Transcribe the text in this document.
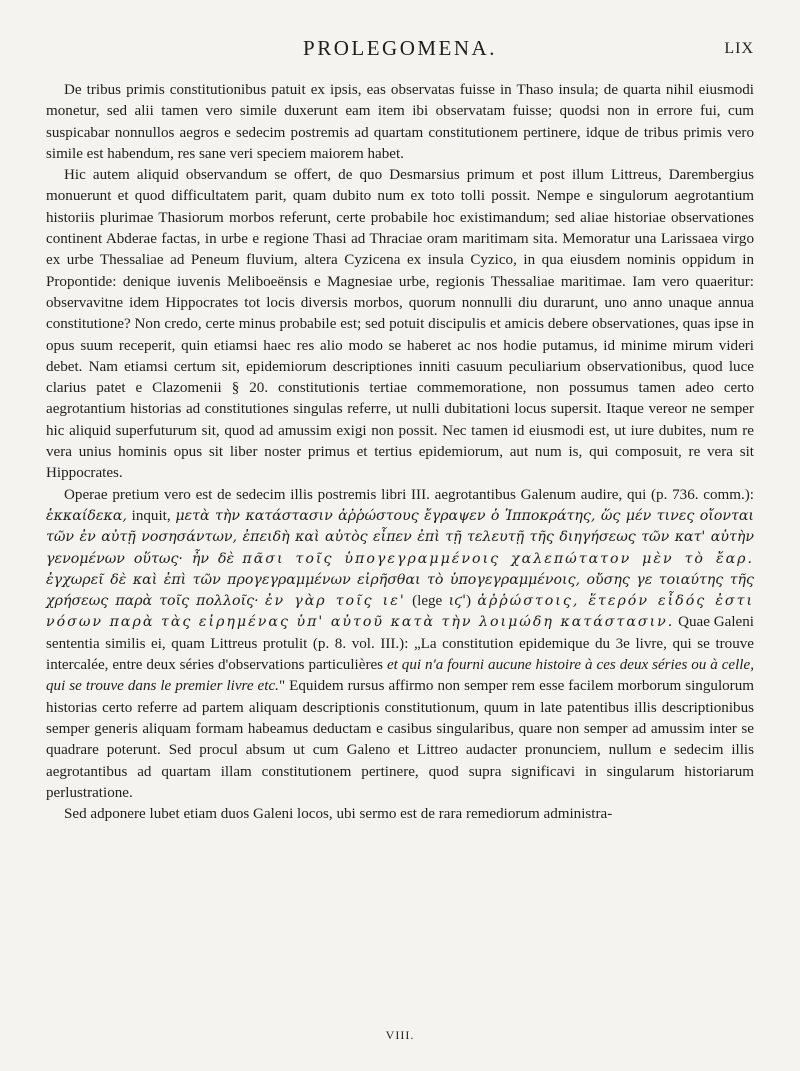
PROLEGOMENA.	LIX

De tribus primis constitutionibus patuit ex ipsis, eas observatas fuisse in Thaso insula; de quarta nihil eiusmodi monetur, sed alii tamen vero simile duxerunt eam item ibi observatam fuisse; quodsi non in errore fui, cum suspicabar nonnullos aegros e sedecim postremis ad quartam constitutionem pertinere, idque de tribus primis vero simile est habendum, res sane veri speciem maiorem habet.

Hic autem aliquid observandum se offert, de quo Desmarsius primum et post illum Littreus, Darembergius monuerunt et quod difficultatem parit, quam dubito num ex toto tolli possit. Nempe e singulorum aegrotantium historiis plurimae Thasiorum morbos referunt, certe probabile hoc existimandum; sed aliae historiae observationes continent Abderae factas, in urbe e regione Thasi ad Thraciae oram maritimam sita. Memoratur una Larissaea virgo ex urbe Thessaliae ad Peneum fluvium, altera Cyzicena ex insula Cyzico, in qua eiusdem nominis oppidum in Propontide: denique iuvenis Meliboeënsis e Magnesiae urbe, regionis Thessaliae maritimae. Iam vero quaeritur: observavitne idem Hippocrates tot locis diversis morbos, quorum nonnulli diu durarunt, uno anno unaque annua constitutione? Non credo, certe minus probabile est; sed potuit discipulis et amicis debere observationes, quas ipse in opus suum receperit, quin etiamsi haec res alio modo se haberet ac nos hodie putamus, id minime mirum videri debet. Nam etiamsi certum sit, epidemiorum descriptiones inniti casuum peculiarium observationibus, quod luce clarius patet e Clazomenii § 20. constitutionis tertiae commemoratione, non possumus tamen adeo certo aegrotantium historias ad constitutiones singulas referre, ut nulli dubitationi locus supersit. Itaque vereor ne semper hic aliquid superfuturum sit, quod ad amussim exigi non possit. Nec tamen id eiusmodi est, ut iure dubites, num re vera unius hominis opus sit liber noster primus et tertius epidemiorum, aut num is, qui composuit, re vera sit Hippocrates.

Operae pretium vero est de sedecim illis postremis libri III. aegrotantibus Galenum audire, qui (p. 736. comm.): ἑκκαίδεκα, inquit, μετὰ τὴν κατάστασιν ἀῤῥώστους ἔγραψεν ὁ Ἱπποκράτης, ὥς μέν τινες οἴονται τῶν ἐν αὐτῇ νοσησάντων, ἐπειδὴ καὶ αὐτὸς εἶπεν ἐπὶ τῇ τελευτῇ τῆς διηγήσεως τῶν κατ' αὐτὴν γενομένων οὕτως· ἦν δὲ πᾶσι τοῖς ὑπογεγραμμένοις χαλεπώτατον μὲν τὸ ἔαρ. ἐγχωρεῖ δὲ καὶ ἐπὶ τῶν προγεγραμμένων εἰρῆσθαι τὸ ὑπογεγραμμένοις, οὔσης γε τοιαύτης τῆς χρήσεως παρὰ τοῖς πολλοῖς· ἐν γὰρ τοῖς ιε' (lege ιϛ') ἀῤῥώστοις, ἕτερόν εἶδός ἐστι νόσων παρὰ τὰς εἰρημένας ὑπ' αὐτοῦ κατὰ τὴν λοιμώδη κατάστασιν. Quae Galeni sententia similis ei, quam Littreus protulit (p. 8. vol. III.): „La constitution epidemique du 3e livre, qui se trouve intercalée, entre deux séries d'observations particulières et qui n'a fourni aucune histoire à ces deux séries ou à celle, qui se trouve dans le premier livre etc." Equidem rursus affirmo non semper rem esse facilem morborum singulorum historias certo referre ad partem aliquam descriptionis constitutionum, quum in late patentibus illis descriptionibus semper generis aliquam formam habeamus deductam e casibus singularibus, quare non semper ad amussim inter se quadrare poterunt. Sed procul absum ut cum Galeno et Littreo audacter pronunciem, nullum e sedecim illis aegrotantibus ad quartam illam constitutionem pertinere, quod supra significavi in singularum historiarum perlustratione.

Sed adponere lubet etiam duos Galeni locos, ubi sermo est de rara remediorum administra-

VIII.
